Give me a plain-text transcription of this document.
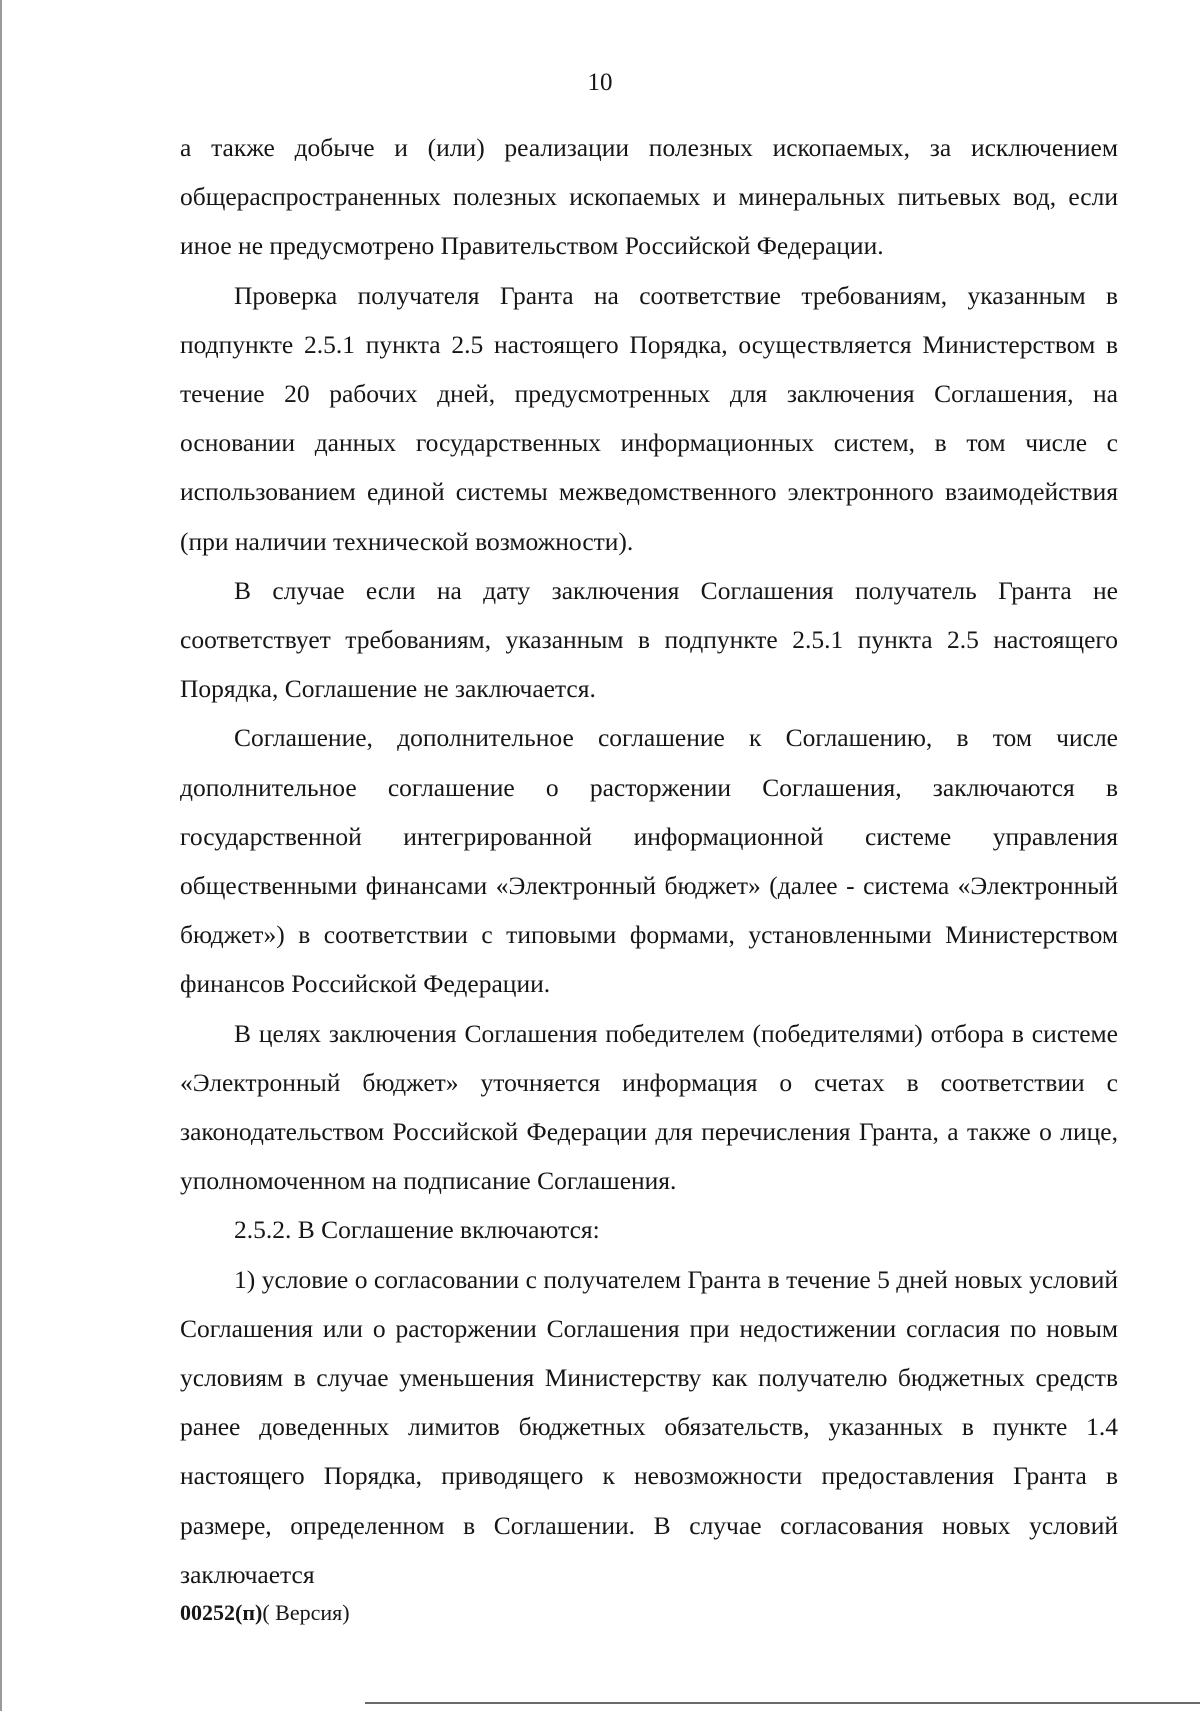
10

а также добыче и (или) реализации полезных ископаемых, за исключением общераспространенных полезных ископаемых и минеральных питьевых вод, если иное не предусмотрено Правительством Российской Федерации.

Проверка получателя Гранта на соответствие требованиям, указанным в подпункте 2.5.1 пункта 2.5 настоящего Порядка, осуществляется Министерством в течение 20 рабочих дней, предусмотренных для заключения Соглашения, на основании данных государственных информационных систем, в том числе с использованием единой системы межведомственного электронного взаимодействия (при наличии технической возможности).

В случае если на дату заключения Соглашения получатель Гранта не соответствует требованиям, указанным в подпункте 2.5.1 пункта 2.5 настоящего Порядка, Соглашение не заключается.

Соглашение, дополнительное соглашение к Соглашению, в том числе дополнительное соглашение о расторжении Соглашения, заключаются в государственной интегрированной информационной системе управления общественными финансами «Электронный бюджет» (далее - система «Электронный бюджет») в соответствии с типовыми формами, установленными Министерством финансов Российской Федерации.

В целях заключения Соглашения победителем (победителями) отбора в системе «Электронный бюджет» уточняется информация о счетах в соответствии с законодательством Российской Федерации для перечисления Гранта, а также о лице, уполномоченном на подписание Соглашения.

2.5.2. В Соглашение включаются:

1) условие о согласовании с получателем Гранта в течение 5 дней новых условий Соглашения или о расторжении Соглашения при недостижении согласия по новым условиям в случае уменьшения Министерству как получателю бюджетных средств ранее доведенных лимитов бюджетных обязательств, указанных в пункте 1.4 настоящего Порядка, приводящего к невозможности предоставления Гранта в размере, определенном в Соглашении. В случае согласования новых условий заключается

00252(п)( Версия)
